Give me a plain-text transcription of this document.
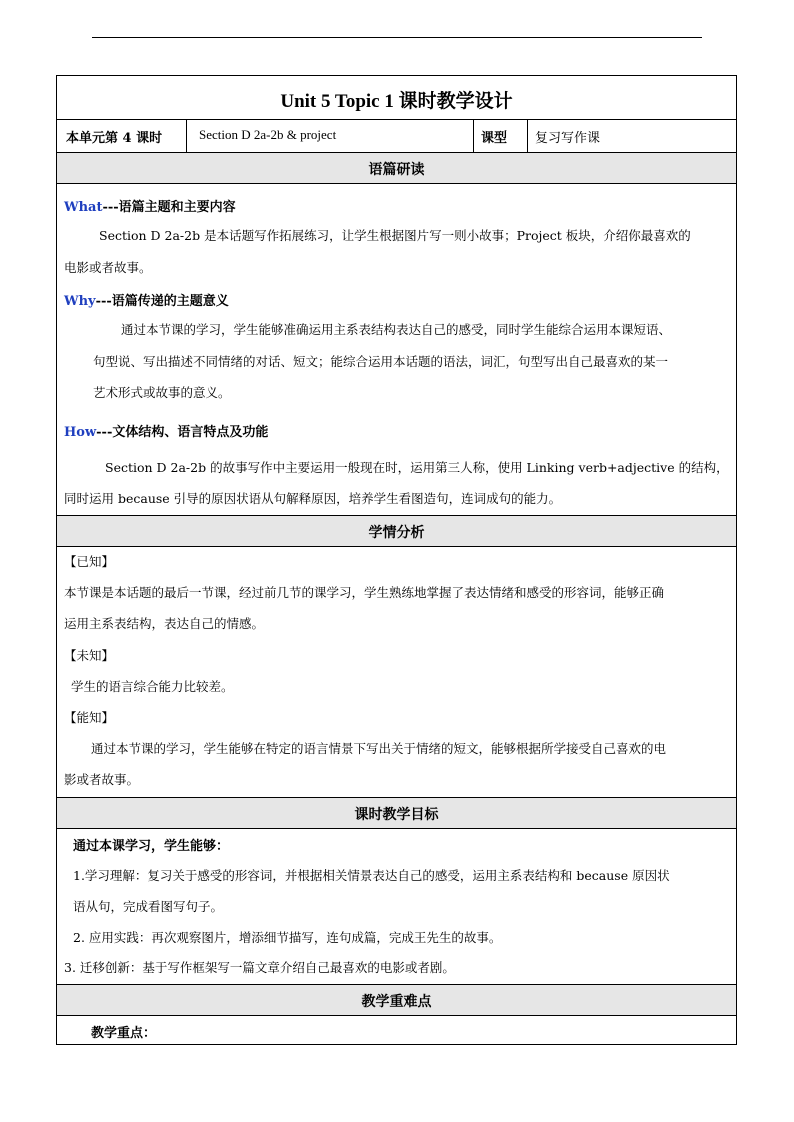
Unit 5 Topic 1 课时教学设计
本单元第 4 课时	Section D 2a-2b & project	课型 复习写作课
语篇研读
What---语篇主题和主要内容
Section D 2a-2b 是本话题写作拓展练习，让学生根据图片写一则小故事；Project 板块，介绍你最喜欢的
电影或者故事。
Why---语篇传递的主题意义
通过本节课的学习，学生能够准确运用主系表结构表达自己的感受，同时学生能综合运用本课短语、
句型说、写出描述不同情绪的对话、短文；能综合运用本话题的语法，词汇，句型写出自己最喜欢的某一
艺术形式或故事的意义。
How---文体结构、语言特点及功能
Section D 2a-2b 的故事写作中主要运用一般现在时，运用第三人称，使用 Linking verb+adjective 的结构，
同时运用 because 引导的原因状语从句解释原因，培养学生看图造句，连词成句的能力。
学情分析
【已知】
本节课是本话题的最后一节课，经过前几节的课学习，学生熟练地掌握了表达情绪和感受的形容词，能够正确
运用主系表结构，表达自己的情感。
【未知】
学生的语言综合能力比较差。
【能知】
通过本节课的学习，学生能够在特定的语言情景下写出关于情绪的短文，能够根据所学接受自己喜欢的电
影或者故事。
课时教学目标
通过本课学习，学生能够：
1.学习理解：复习关于感受的形容词，并根据相关情景表达自己的感受，运用主系表结构和 because 原因状
语从句，完成看图写句子。
2. 应用实践：再次观察图片，增添细节描写，连句成篇，完成王先生的故事。
3. 迁移创新：基于写作框架写一篇文章介绍自己最喜欢的电影或者剧。
教学重难点
教学重点：
